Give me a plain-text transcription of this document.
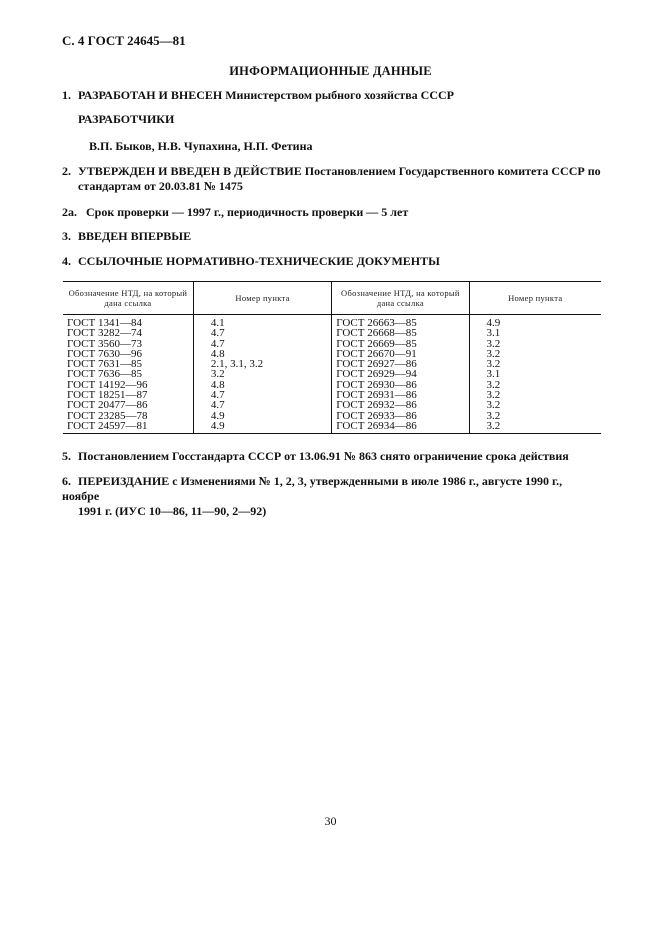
С. 4 ГОСТ 24645—81
ИНФОРМАЦИОННЫЕ ДАННЫЕ
1. РАЗРАБОТАН И ВНЕСЕН Министерством рыбного хозяйства СССР
РАЗРАБОТЧИКИ
В.П. Быков, Н.В. Чупахина, Н.П. Фетина
2. УТВЕРЖДЕН И ВВЕДЕН В ДЕЙСТВИЕ Постановлением Государственного комитета СССР по
стандартам от 20.03.81 № 1475
2а. Срок проверки — 1997 г., периодичность проверки — 5 лет
3. ВВЕДЕН ВПЕРВЫЕ
4. ССЫЛОЧНЫЕ НОРМАТИВНО-ТЕХНИЧЕСКИЕ ДОКУМЕНТЫ
Обозначение НТД, на который дана ссылка	Номер пункта	Обозначение НТД, на который дана ссылка	Номер пункта
ГОСТ 1341—84	4.1	ГОСТ 26663—85	4.9
ГОСТ 3282—74	4.7	ГОСТ 26668—85	3.1
ГОСТ 3560—73	4.7	ГОСТ 26669—85	3.2
ГОСТ 7630—96	4.8	ГОСТ 26670—91	3.2
ГОСТ 7631—85	2.1, 3.1, 3.2	ГОСТ 26927—86	3.2
ГОСТ 7636—85	3.2	ГОСТ 26929—94	3.1
ГОСТ 14192—96	4.8	ГОСТ 26930—86	3.2
ГОСТ 18251—87	4.7	ГОСТ 26931—86	3.2
ГОСТ 20477—86	4.7	ГОСТ 26932—86	3.2
ГОСТ 23285—78	4.9	ГОСТ 26933—86	3.2
ГОСТ 24597—81	4.9	ГОСТ 26934—86	3.2
5. Постановлением Госстандарта СССР от 13.06.91 № 863 снято ограничение срока действия
6. ПЕРЕИЗДАНИЕ с Изменениями № 1, 2, 3, утвержденными в июле 1986 г., августе 1990 г., ноябре
1991 г. (ИУС 10—86, 11—90, 2—92)
30
